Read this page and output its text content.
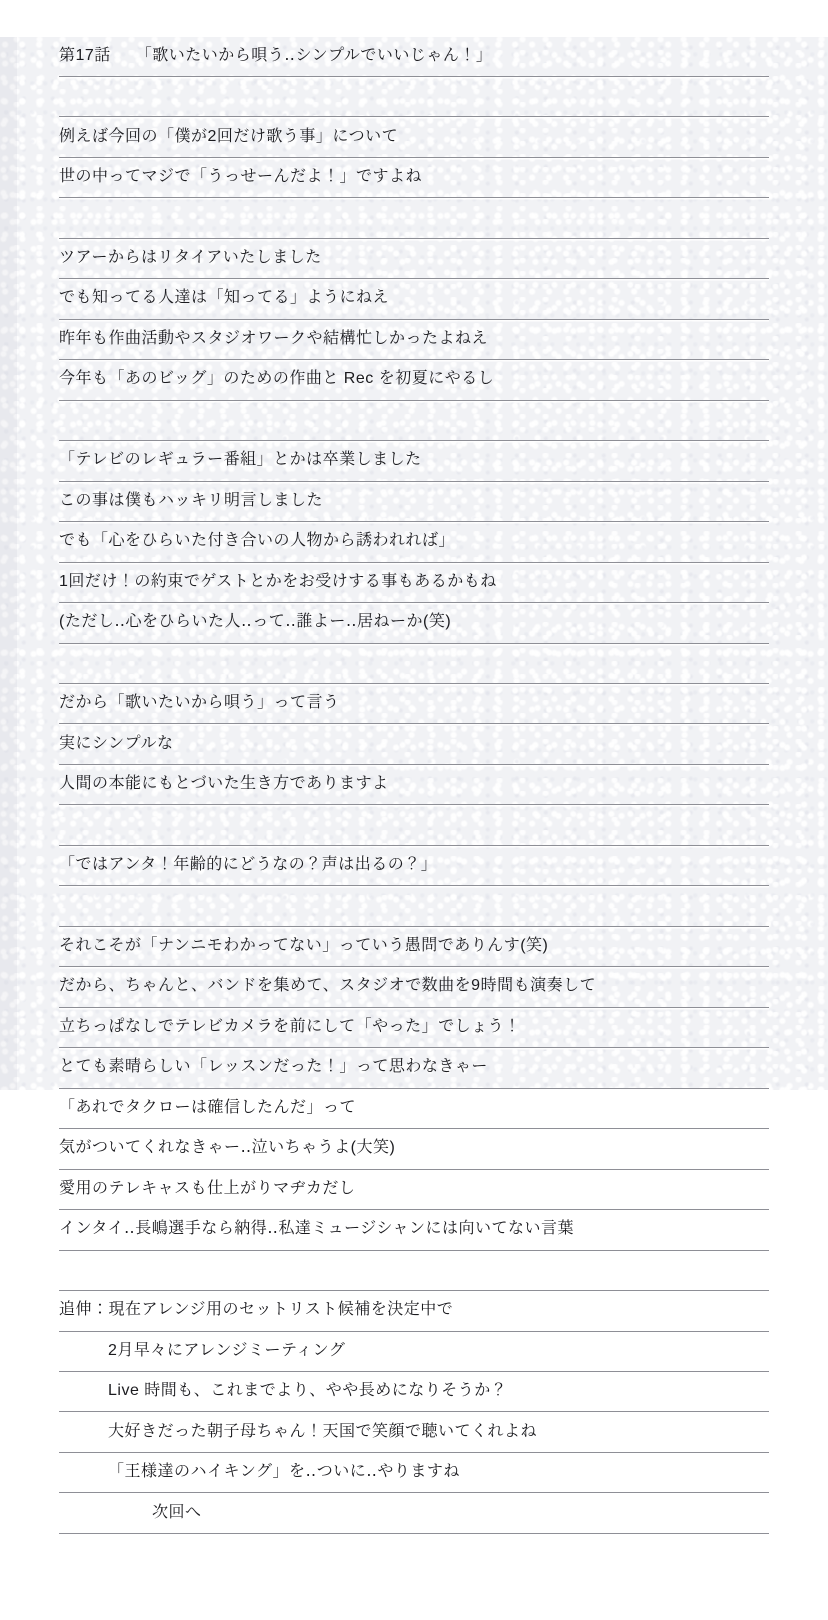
第17話　　「歌いたいから唄う‥シンプルでいいじゃん！」
例えば今回の「僕が2回だけ歌う事」について
世の中ってマジで「うっせーんだよ！」ですよね
ツアーからはリタイアいたしました
でも知ってる人達は「知ってる」ようにねえ
昨年も作曲活動やスタジオワークや結構忙しかったよねえ
今年も「あのビッグ」のための作曲と Rec を初夏にやるし
「テレビのレギュラー番組」とかは卒業しました
この事は僕もハッキリ明言しました
でも「心をひらいた付き合いの人物から誘われれば」
1回だけ！の約束でゲストとかをお受けする事もあるかもね
(ただし‥心をひらいた人‥って‥誰よー‥居ねーか(笑)
だから「歌いたいから唄う」って言う
実にシンプルな
人間の本能にもとづいた生き方でありますよ
「ではアンタ！年齢的にどうなの？声は出るの？」
それこそが「ナンニモわかってない」っていう愚問でありんす(笑)
だから、ちゃんと、バンドを集めて、スタジオで数曲を9時間も演奏して
立ちっぱなしでテレビカメラを前にして「やった」でしょう！
とても素晴らしい「レッスンだった！」って思わなきゃー
「あれでタクローは確信したんだ」って
気がついてくれなきゃー‥泣いちゃうよ(大笑)
愛用のテレキャスも仕上がりマヂカだし
インタイ‥長嶋選手なら納得‥私達ミュージシャンには向いてない言葉
追伸：現在アレンジ用のセットリスト候補を決定中で
2月早々にアレンジミーティング
Live 時間も、これまでより、やや長めになりそうか？
大好きだった朝子母ちゃん！天国で笑顔で聴いてくれよね
「王様達のハイキング」を‥ついに‥やりますね
次回へ
